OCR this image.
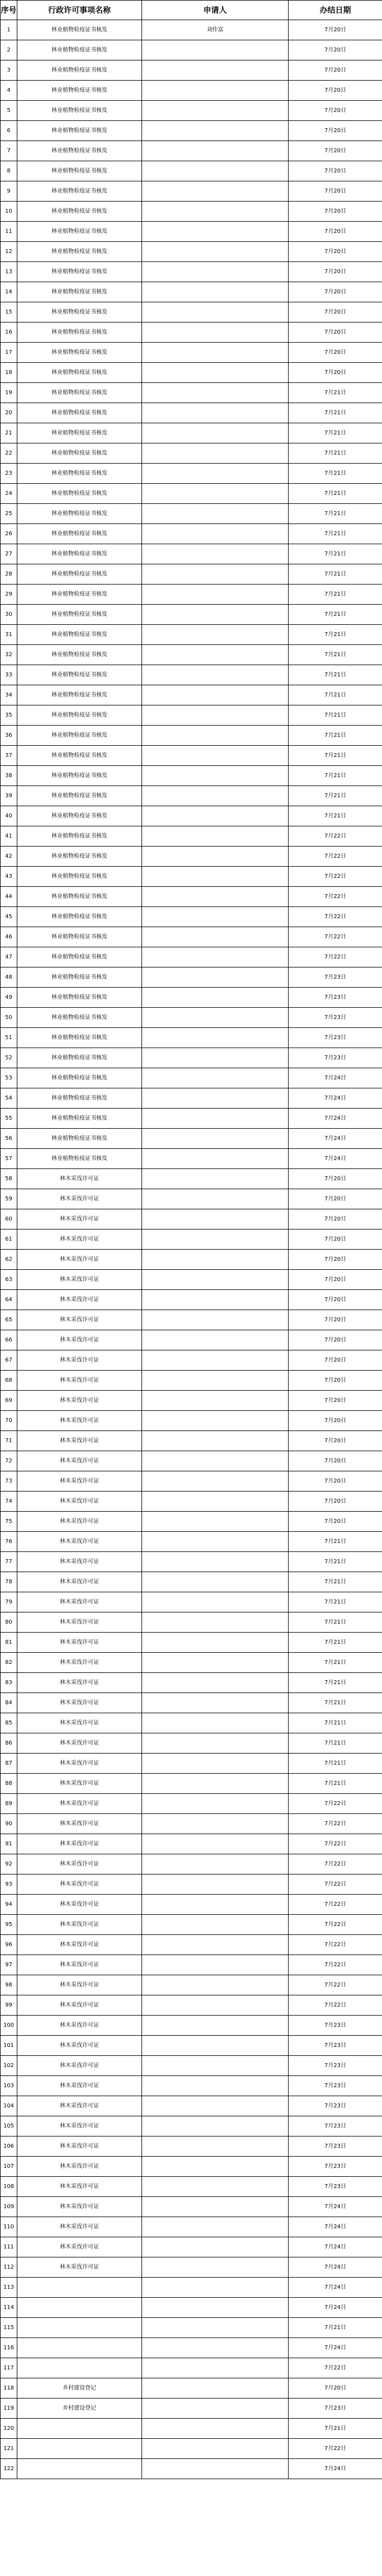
序号	行政许可事项名称	申请人	办结日期
1	林业植物检疫证书核发	刘作富	7月20日
2	林业植物检疫证书核发		7月20日
3	林业植物检疫证书核发		7月20日
4	林业植物检疫证书核发		7月20日
5	林业植物检疫证书核发		7月20日
6	林业植物检疫证书核发		7月20日
7	林业植物检疫证书核发		7月20日
8	林业植物检疫证书核发		7月20日
9	林业植物检疫证书核发		7月20日
10	林业植物检疫证书核发		7月20日
11	林业植物检疫证书核发		7月20日
12	林业植物检疫证书核发		7月20日
13	林业植物检疫证书核发		7月20日
14	林业植物检疫证书核发		7月20日
15	林业植物检疫证书核发		7月20日
16	林业植物检疫证书核发		7月20日
17	林业植物检疫证书核发		7月20日
18	林业植物检疫证书核发		7月20日
19	林业植物检疫证书核发		7月21日
20	林业植物检疫证书核发		7月21日
21	林业植物检疫证书核发		7月21日
22	林业植物检疫证书核发		7月21日
23	林业植物检疫证书核发		7月21日
24	林业植物检疫证书核发		7月21日
25	林业植物检疫证书核发		7月21日
26	林业植物检疫证书核发		7月21日
27	林业植物检疫证书核发		7月21日
28	林业植物检疫证书核发		7月21日
29	林业植物检疫证书核发		7月21日
30	林业植物检疫证书核发		7月21日
31	林业植物检疫证书核发		7月21日
32	林业植物检疫证书核发		7月21日
33	林业植物检疫证书核发		7月21日
34	林业植物检疫证书核发		7月21日
35	林业植物检疫证书核发		7月21日
36	林业植物检疫证书核发		7月21日
37	林业植物检疫证书核发		7月21日
38	林业植物检疫证书核发		7月21日
39	林业植物检疫证书核发		7月21日
40	林业植物检疫证书核发		7月21日
41	林业植物检疫证书核发		7月22日
42	林业植物检疫证书核发		7月22日
43	林业植物检疫证书核发		7月22日
44	林业植物检疫证书核发		7月22日
45	林业植物检疫证书核发		7月22日
46	林业植物检疫证书核发		7月22日
47	林业植物检疫证书核发		7月22日
48	林业植物检疫证书核发		7月23日
49	林业植物检疫证书核发		7月23日
50	林业植物检疫证书核发		7月23日
51	林业植物检疫证书核发		7月23日
52	林业植物检疫证书核发		7月23日
53	林业植物检疫证书核发		7月24日
54	林业植物检疫证书核发		7月24日
55	林业植物检疫证书核发		7月24日
56	林业植物检疫证书核发		7月24日
57	林业植物检疫证书核发		7月24日
58	林木采伐许可证		7月20日
59	林木采伐许可证		7月20日
60	林木采伐许可证		7月20日
61	林木采伐许可证		7月20日
62	林木采伐许可证		7月20日
63	林木采伐许可证		7月20日
64	林木采伐许可证		7月20日
65	林木采伐许可证		7月20日
66	林木采伐许可证		7月20日
67	林木采伐许可证		7月20日
68	林木采伐许可证		7月20日
69	林木采伐许可证		7月20日
70	林木采伐许可证		7月20日
71	林木采伐许可证		7月20日
72	林木采伐许可证		7月20日
73	林木采伐许可证		7月20日
74	林木采伐许可证		7月20日
75	林木采伐许可证		7月20日
76	林木采伐许可证		7月21日
77	林木采伐许可证		7月21日
78	林木采伐许可证		7月21日
79	林木采伐许可证		7月21日
80	林木采伐许可证		7月21日
81	林木采伐许可证		7月21日
82	林木采伐许可证		7月21日
83	林木采伐许可证		7月21日
84	林木采伐许可证		7月21日
85	林木采伐许可证		7月21日
86	林木采伐许可证		7月21日
87	林木采伐许可证		7月21日
88	林木采伐许可证		7月21日
89	林木采伐许可证		7月22日
90	林木采伐许可证		7月22日
91	林木采伐许可证		7月22日
92	林木采伐许可证		7月22日
93	林木采伐许可证		7月22日
94	林木采伐许可证		7月22日
95	林木采伐许可证		7月22日
96	林木采伐许可证		7月22日
97	林木采伐许可证		7月22日
98	林木采伐许可证		7月22日
99	林木采伐许可证		7月22日
100	林木采伐许可证		7月23日
101	林木采伐许可证		7月23日
102	林木采伐许可证		7月23日
103	林木采伐许可证		7月23日
104	林木采伐许可证		7月23日
105	林木采伐许可证		7月23日
106	林木采伐许可证		7月23日
107	林木采伐许可证		7月23日
108	林木采伐许可证		7月23日
109	林木采伐许可证		7月24日
110	林木采伐许可证		7月24日
111	林木采伐许可证		7月24日
112	林木采伐许可证		7月24日
113			7月24日
114			7月24日
115			7月21日
116			7月24日
117			7月22日
118	乡村建设登记		7月20日
119	乡村建设登记		7月23日
120			7月21日
121			7月22日
122			7月24日
